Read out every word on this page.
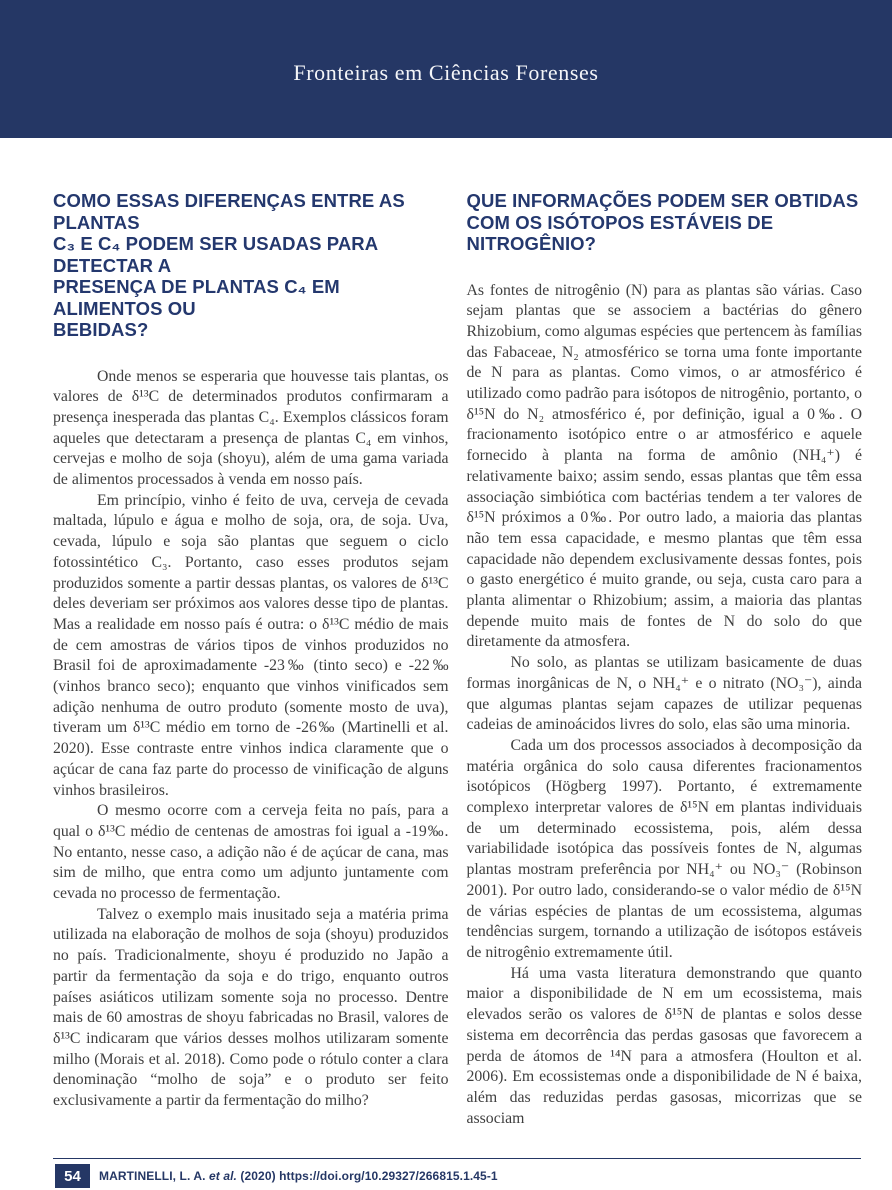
Fronteiras em Ciências Forenses
COMO ESSAS DIFERENÇAS ENTRE AS PLANTAS
C₃ E C₄ PODEM SER USADAS PARA DETECTAR A
PRESENÇA DE PLANTAS C₄ EM ALIMENTOS OU
BEBIDAS?

Onde menos se esperaria que houvesse tais plantas, os valores de δ¹³C de determinados produtos confirmaram a presença inesperada das plantas C₄. Exemplos clássicos foram aqueles que detectaram a presença de plantas C₄ em vinhos, cervejas e molho de soja (shoyu), além de uma gama variada de alimentos processados à venda em nosso país.

Em princípio, vinho é feito de uva, cerveja de cevada maltada, lúpulo e água e molho de soja, ora, de soja. Uva, cevada, lúpulo e soja são plantas que seguem o ciclo fotossintético C₃. Portanto, caso esses produtos sejam produzidos somente a partir dessas plantas, os valores de δ¹³C deles deveriam ser próximos aos valores desse tipo de plantas. Mas a realidade em nosso país é outra: o δ¹³C médio de mais de cem amostras de vários tipos de vinhos produzidos no Brasil foi de aproximadamente -23‰ (tinto seco) e -22‰ (vinhos branco seco); enquanto que vinhos vinificados sem adição nenhuma de outro produto (somente mosto de uva), tiveram um δ¹³C médio em torno de -26‰ (Martinelli et al. 2020). Esse contraste entre vinhos indica claramente que o açúcar de cana faz parte do processo de vinificação de alguns vinhos brasileiros.

O mesmo ocorre com a cerveja feita no país, para a qual o δ¹³C médio de centenas de amostras foi igual a -19‰. No entanto, nesse caso, a adição não é de açúcar de cana, mas sim de milho, que entra como um adjunto juntamente com cevada no processo de fermentação.

Talvez o exemplo mais inusitado seja a matéria prima utilizada na elaboração de molhos de soja (shoyu) produzidos no país. Tradicionalmente, shoyu é produzido no Japão a partir da fermentação da soja e do trigo, enquanto outros países asiáticos utilizam somente soja no processo. Dentre mais de 60 amostras de shoyu fabricadas no Brasil, valores de δ¹³C indicaram que vários desses molhos utilizaram somente milho (Morais et al. 2018). Como pode o rótulo conter a clara denominação “molho de soja” e o produto ser feito exclusivamente a partir da fermentação do milho?

QUE INFORMAÇÕES PODEM SER OBTIDAS
COM OS ISÓTOPOS ESTÁVEIS DE NITROGÊNIO?

As fontes de nitrogênio (N) para as plantas são várias. Caso sejam plantas que se associem a bactérias do gênero Rhizobium, como algumas espécies que pertencem às famílias das Fabaceae, N₂ atmosférico se torna uma fonte importante de N para as plantas. Como vimos, o ar atmosférico é utilizado como padrão para isótopos de nitrogênio, portanto, o δ¹⁵N do N₂ atmosférico é, por definição, igual a 0‰. O fracionamento isotópico entre o ar atmosférico e aquele fornecido à planta na forma de amônio (NH₄⁺) é relativamente baixo; assim sendo, essas plantas que têm essa associação simbiótica com bactérias tendem a ter valores de δ¹⁵N próximos a 0‰. Por outro lado, a maioria das plantas não tem essa capacidade, e mesmo plantas que têm essa capacidade não dependem exclusivamente dessas fontes, pois o gasto energético é muito grande, ou seja, custa caro para a planta alimentar o Rhizobium; assim, a maioria das plantas depende muito mais de fontes de N do solo do que diretamente da atmosfera.

No solo, as plantas se utilizam basicamente de duas formas inorgânicas de N, o NH₄⁺ e o nitrato (NO₃⁻), ainda que algumas plantas sejam capazes de utilizar pequenas cadeias de aminoácidos livres do solo, elas são uma minoria.

Cada um dos processos associados à decomposição da matéria orgânica do solo causa diferentes fracionamentos isotópicos (Högberg 1997). Portanto, é extremamente complexo interpretar valores de δ¹⁵N em plantas individuais de um determinado ecossistema, pois, além dessa variabilidade isotópica das possíveis fontes de N, algumas plantas mostram preferência por NH₄⁺ ou NO₃⁻ (Robinson 2001). Por outro lado, considerando-se o valor médio de δ¹⁵N de várias espécies de plantas de um ecossistema, algumas tendências surgem, tornando a utilização de isótopos estáveis de nitrogênio extremamente útil.

Há uma vasta literatura demonstrando que quanto maior a disponibilidade de N em um ecossistema, mais elevados serão os valores de δ¹⁵N de plantas e solos desse sistema em decorrência das perdas gasosas que favorecem a perda de átomos de ¹⁴N para a atmosfera (Houlton et al. 2006). Em ecossistemas onde a disponibilidade de N é baixa, além das reduzidas perdas gasosas, micorrizas que se associam

54	MARTINELLI, L. A. et al. (2020) https://doi.org/10.29327/266815.1.45-1
